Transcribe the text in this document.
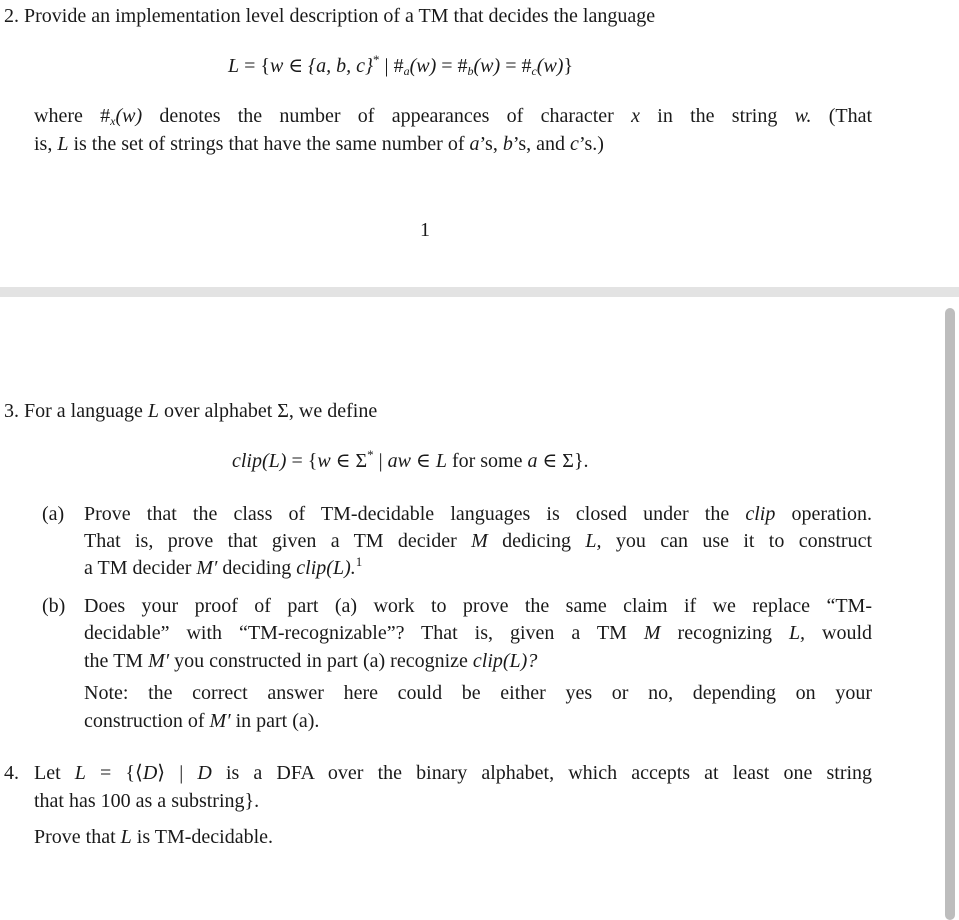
2. Provide an implementation level description of a TM that decides the language
L = {w ∈ {a, b, c}* | $\#_a(w)$ = $\#_b(w)$ = $\#_c(w)$}
where $\#_x(w)$ denotes the number of appearances of character x in the string w. (That
is, L is the set of strings that have the same number of a’s, b’s, and c’s.)
1
3. For a language L over alphabet Σ, we define
clip(L) = {w ∈ Σ* | aw ∈ L for some a ∈ Σ}.
(a) Prove that the class of TM-decidable languages is closed under the clip operation.
That is, prove that given a TM decider M dedicing L, you can use it to construct
a TM decider M′ deciding clip(L).$^1$
(b) Does your proof of part (a) work to prove the same claim if we replace “TM-
decidable” with “TM-recognizable”? That is, given a TM M recognizing L, would
the TM M′ you constructed in part (a) recognize clip(L)?
Note: the correct answer here could be either yes or no, depending on your
construction of M′ in part (a).
4. Let L = {⟨D⟩ | D is a DFA over the binary alphabet, which accepts at least one string
that has 100 as a substring}.
Prove that L is TM-decidable.
